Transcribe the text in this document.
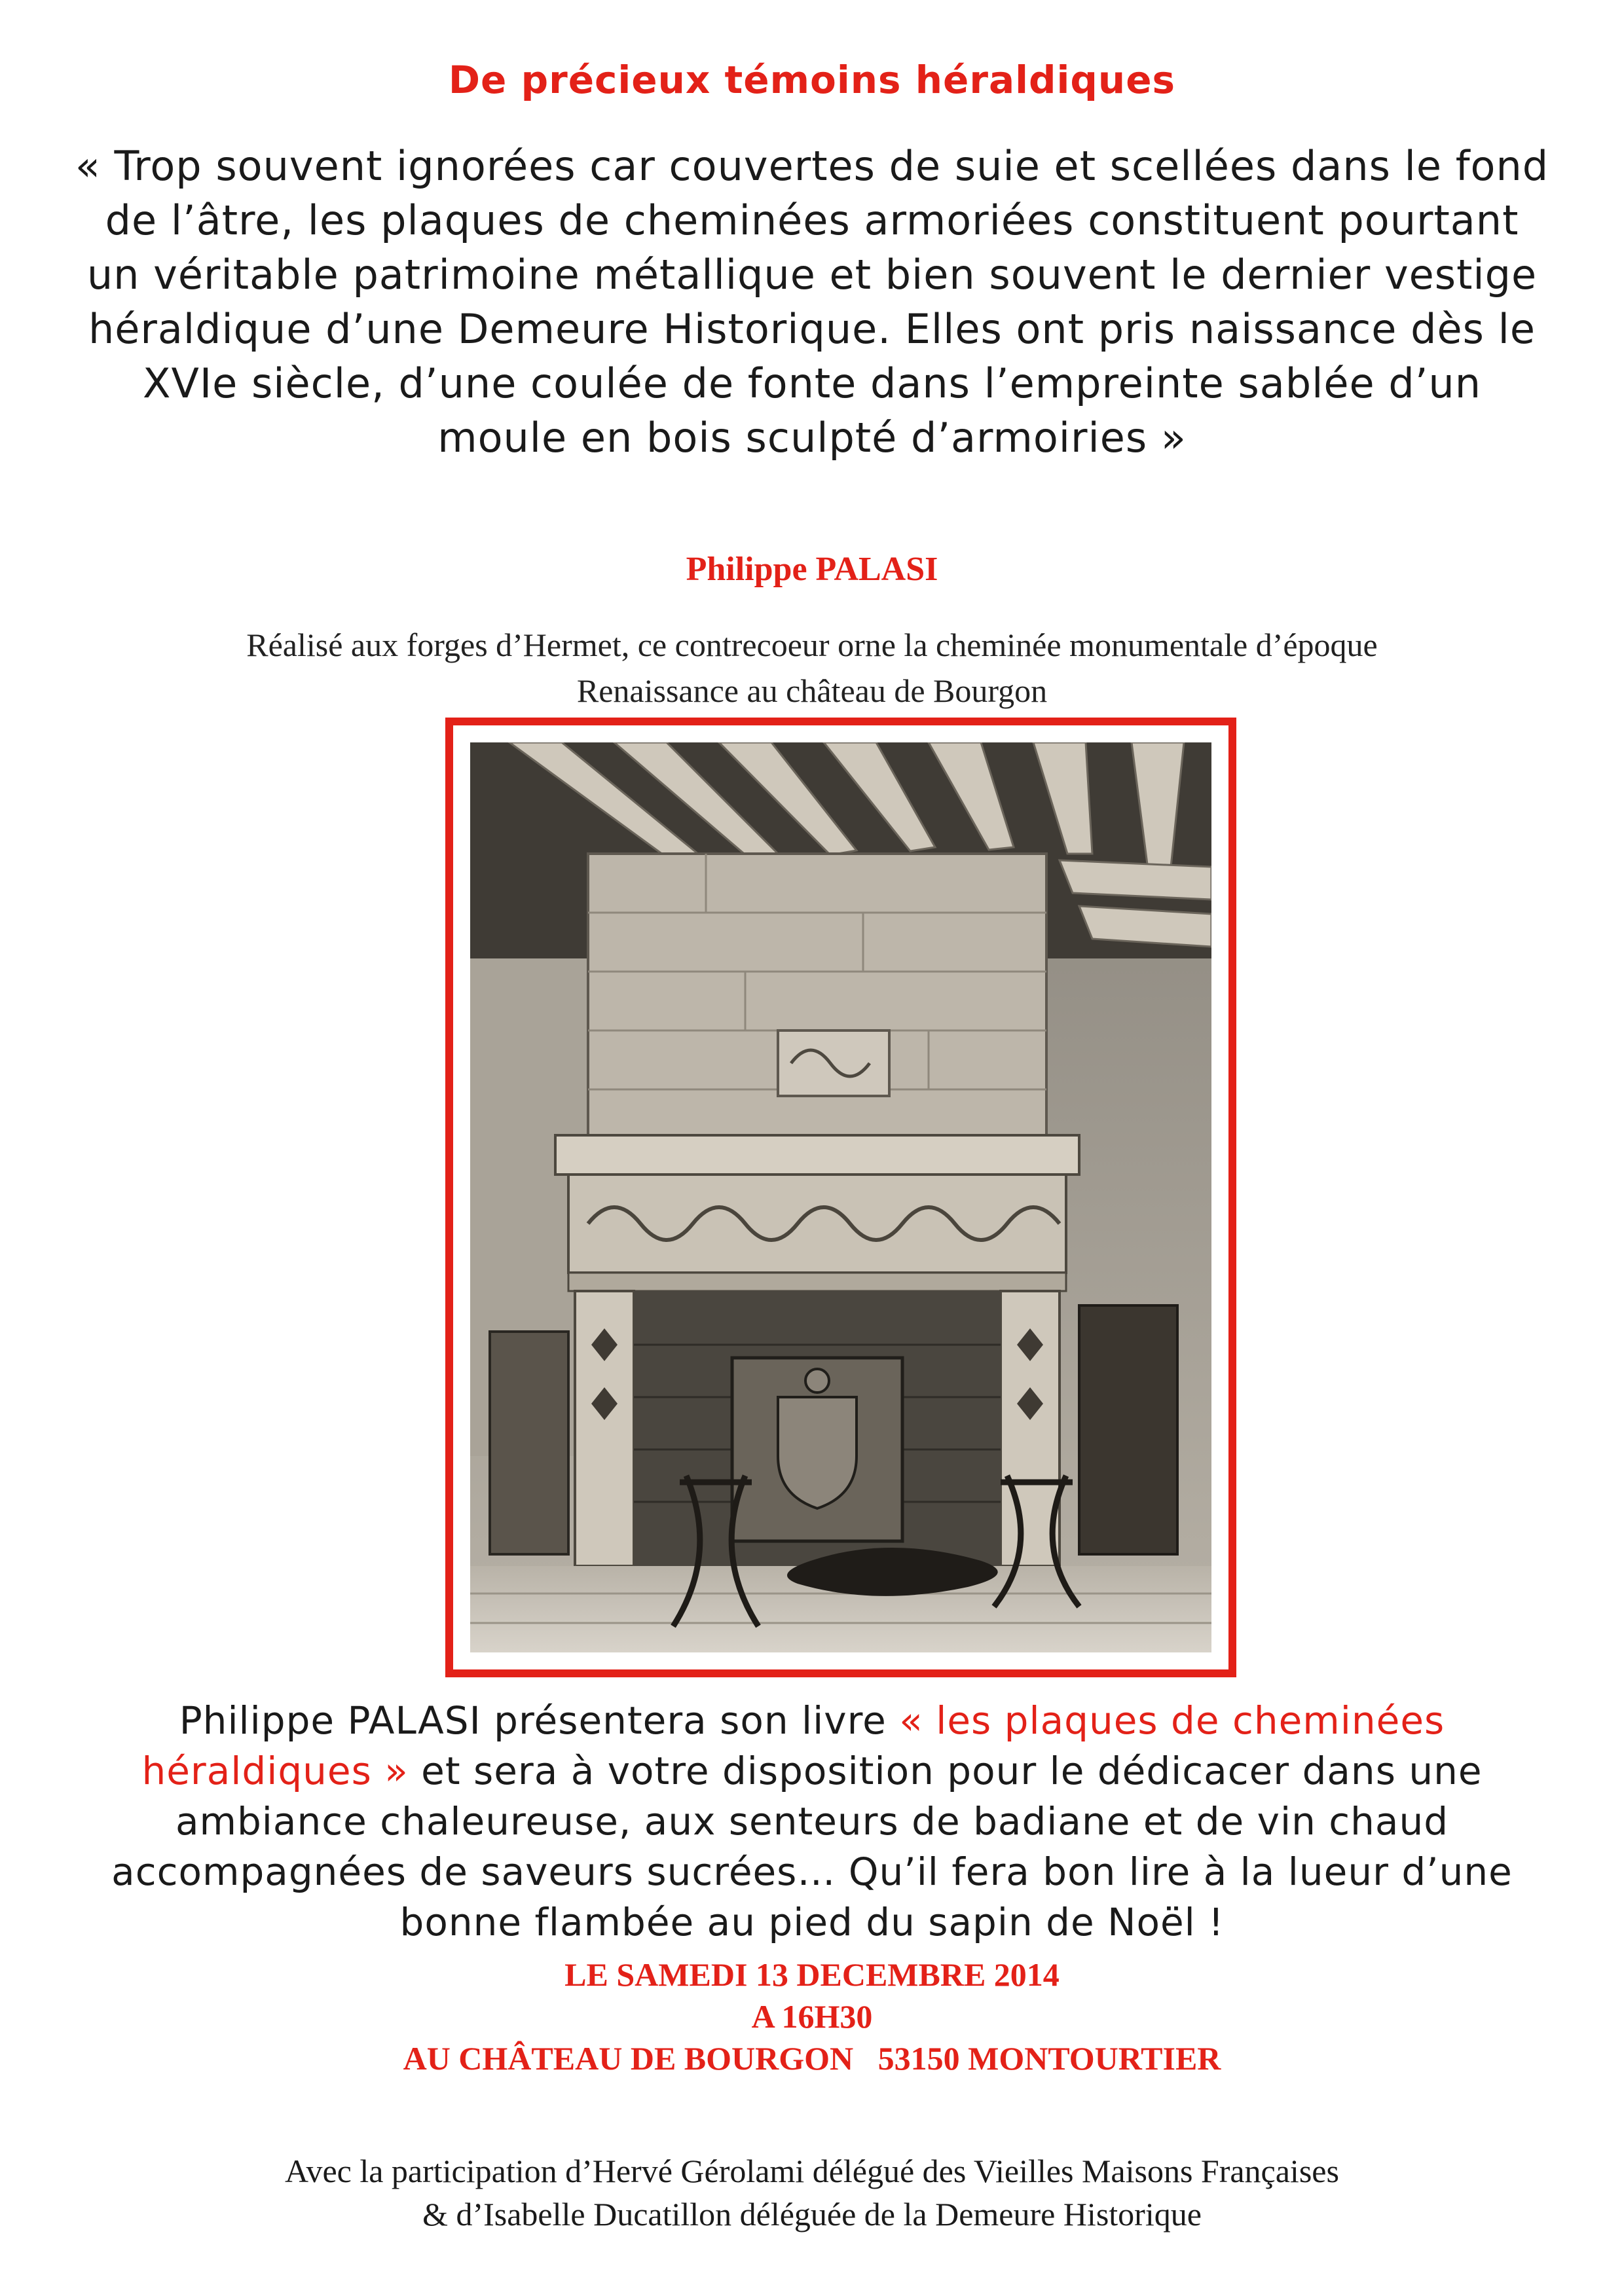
De précieux témoins héraldiques
« Trop souvent ignorées car couvertes de suie et scellées dans le fond de l’âtre, les plaques de cheminées armoriées constituent pourtant un véritable patrimoine métallique et bien souvent le dernier vestige héraldique d’une Demeure Historique. Elles ont pris naissance dès le XVIe siècle, d’une coulée de fonte dans l’empreinte sablée d’un moule en bois sculpté d’armoiries »
Philippe PALASI
Réalisé aux forges d’Hermet, ce contrecoeur orne la cheminée monumentale d’époque
Renaissance au château de Bourgon
Philippe PALASI présentera son livre « les plaques de cheminées héraldiques » et sera à votre disposition pour le dédicacer dans une ambiance chaleureuse, aux senteurs de badiane et de vin chaud accompagnées de saveurs sucrées… Qu’il fera bon lire à la lueur d’une bonne flambée au pied du sapin de Noël !
LE SAMEDI 13 DECEMBRE 2014
A 16H30
AU CHÂTEAU DE BOURGON   53150 MONTOURTIER
Avec la participation d’Hervé Gérolami délégué des Vieilles Maisons Françaises
& d’Isabelle Ducatillon déléguée de la Demeure Historique
